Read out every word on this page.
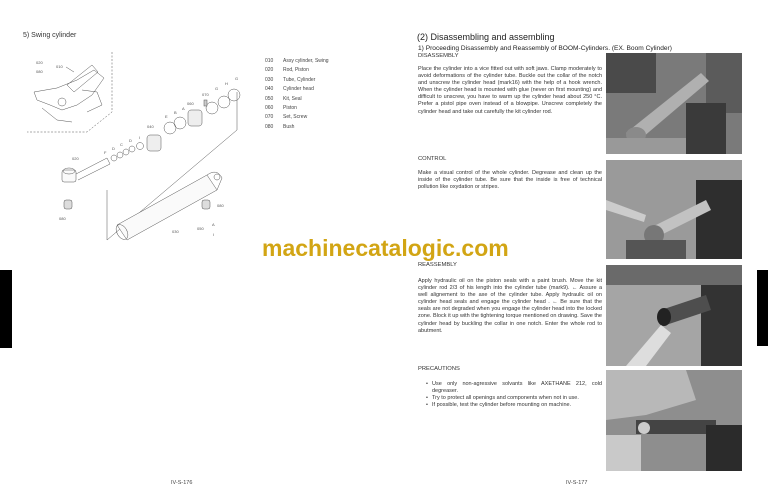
5) Swing cylinder
020
080
010
070
G
H
G
060
E
B
A
040
F
D
C
D
I
020
080
080
030
050
A
I
010	Assy cylinder, Swing
020	Rod, Piston
030	Tube, Cylinder
040	Cylinder head
050	Kit, Seal
060	Piston
070	Set, Screw
080	Bush
IV-S-176
(2) Disassembling and assembling
1) Proceeding Disassembly and Reassembly of BOOM-Cylinders. (EX. Boom Cylinder)
DISASSEMBLY
Place the cylinder into a vice fitted out with soft jaws. Clamp moderately to avoid deformations of the cylinder tube. Buckle out the collar of the notch and unscrew the cylinder head (mark16) with the help of a hook wrench. When the cylinder head is mounted with glue (never on first mounting) and difficult to unscrew, you have to warm up the cylinder head about 250 °C. Prefer a pistol pipe oven instead of a blowpipe. Unscrew completely the cylinder head and take out carefully the kit cylinder rod.
CONTROL
Make a visual control of the whole cylinder. Degrease and clean up the inside of the cylinder tube. Be sure that the inside is free of technical pollution like oxydation or stripes.
REASSEMBLY
Apply hydraulic oil on the piston seals with a paint brush. Move the kit cylinder rod 2/3 of his length into the cylinder tube (mark9). ← Assure a well alignement to the axe of the cylinder tube. Apply hydraulic oil on cylinder head seals and engage the cylinder head . ← Be sure that the seals are not degraded when you engage the cylinder head into the locked zone. Block it up with the tightening torque mentioned on drawing. Save the cylinder head by buckling the collar in one notch. Enter the whole rod to abutment.
PRECAUTIONS
• Use only non-agressive solvants like AXETHANE 212, cold degreaser.
• Try to protect all openings and components when not in use.
• If possible, test the cylinder before mounting on machine.
IV-S-177
machinecatalogic.com
